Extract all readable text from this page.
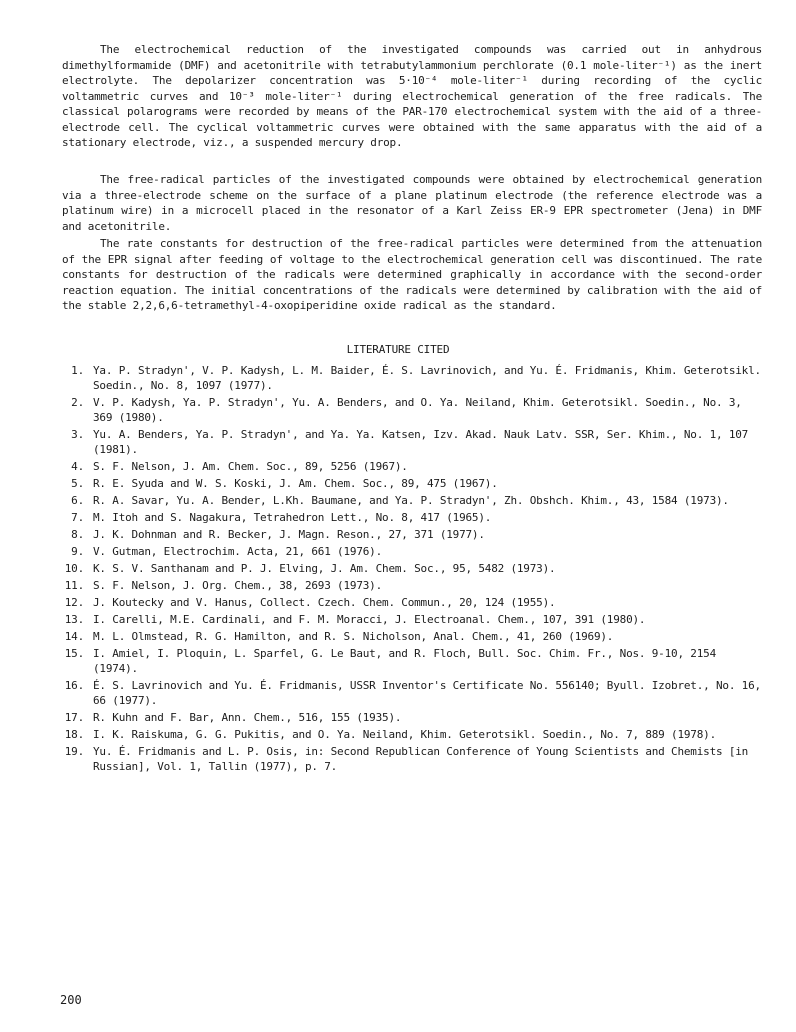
The electrochemical reduction of the investigated compounds was carried out in anhydrous dimethylformamide (DMF) and acetonitrile with tetrabutylammonium perchlorate (0.1 mole-liter⁻¹) as the inert electrolyte. The depolarizer concentration was 5·10⁻⁴ mole-liter⁻¹ during recording of the cyclic voltammetric curves and 10⁻³ mole-liter⁻¹ during electrochemical generation of the free radicals. The classical polarograms were recorded by means of the PAR-170 electrochemical system with the aid of a three-electrode cell. The cyclical voltammetric curves were obtained with the same apparatus with the aid of a stationary electrode, viz., a suspended mercury drop.

The free-radical particles of the investigated compounds were obtained by electrochemical generation via a three-electrode scheme on the surface of a plane platinum electrode (the reference electrode was a platinum wire) in a microcell placed in the resonator of a Karl Zeiss ER-9 EPR spectrometer (Jena) in DMF and acetonitrile.

The rate constants for destruction of the free-radical particles were determined from the attenuation of the EPR signal after feeding of voltage to the electrochemical generation cell was discontinued. The rate constants for destruction of the radicals were determined graphically in accordance with the second-order reaction equation. The initial concentrations of the radicals were determined by calibration with the aid of the stable 2,2,6,6-tetramethyl-4-oxopiperidine oxide radical as the standard.

LITERATURE CITED
1. Ya. P. Stradyn', V. P. Kadysh, L. M. Baider, É. S. Lavrinovich, and Yu. É. Fridmanis, Khim. Geterotsikl. Soedin., No. 8, 1097 (1977).
2. V. P. Kadysh, Ya. P. Stradyn', Yu. A. Benders, and O. Ya. Neiland, Khim. Geterotsikl. Soedin., No. 3, 369 (1980).
3. Yu. A. Benders, Ya. P. Stradyn', and Ya. Ya. Katsen, Izv. Akad. Nauk Latv. SSR, Ser. Khim., No. 1, 107 (1981).
4. S. F. Nelson, J. Am. Chem. Soc., 89, 5256 (1967).
5. R. E. Syuda and W. S. Koski, J. Am. Chem. Soc., 89, 475 (1967).
6. R. A. Savar, Yu. A. Bender, L.Kh. Baumane, and Ya. P. Stradyn', Zh. Obshch. Khim., 43, 1584 (1973).
7. M. Itoh and S. Nagakura, Tetrahedron Lett., No. 8, 417 (1965).
8. J. K. Dohnman and R. Becker, J. Magn. Reson., 27, 371 (1977).
9. V. Gutman, Electrochim. Acta, 21, 661 (1976).
10. K. S. V. Santhanam and P. J. Elving, J. Am. Chem. Soc., 95, 5482 (1973).
11. S. F. Nelson, J. Org. Chem., 38, 2693 (1973).
12. J. Koutecky and V. Hanus, Collect. Czech. Chem. Commun., 20, 124 (1955).
13. I. Carelli, M.E. Cardinali, and F. M. Moracci, J. Electroanal. Chem., 107, 391 (1980).
14. M. L. Olmstead, R. G. Hamilton, and R. S. Nicholson, Anal. Chem., 41, 260 (1969).
15. I. Amiel, I. Ploquin, L. Sparfel, G. Le Baut, and R. Floch, Bull. Soc. Chim. Fr., Nos. 9-10, 2154 (1974).
16. É. S. Lavrinovich and Yu. É. Fridmanis, USSR Inventor's Certificate No. 556140; Byull. Izobret., No. 16, 66 (1977).
17. R. Kuhn and F. Bar, Ann. Chem., 516, 155 (1935).
18. I. K. Raiskuma, G. G. Pukitis, and O. Ya. Neiland, Khim. Geterotsikl. Soedin., No. 7, 889 (1978).
19. Yu. É. Fridmanis and L. P. Osis, in: Second Republican Conference of Young Scientists and Chemists [in Russian], Vol. 1, Tallin (1977), p. 7.
200
